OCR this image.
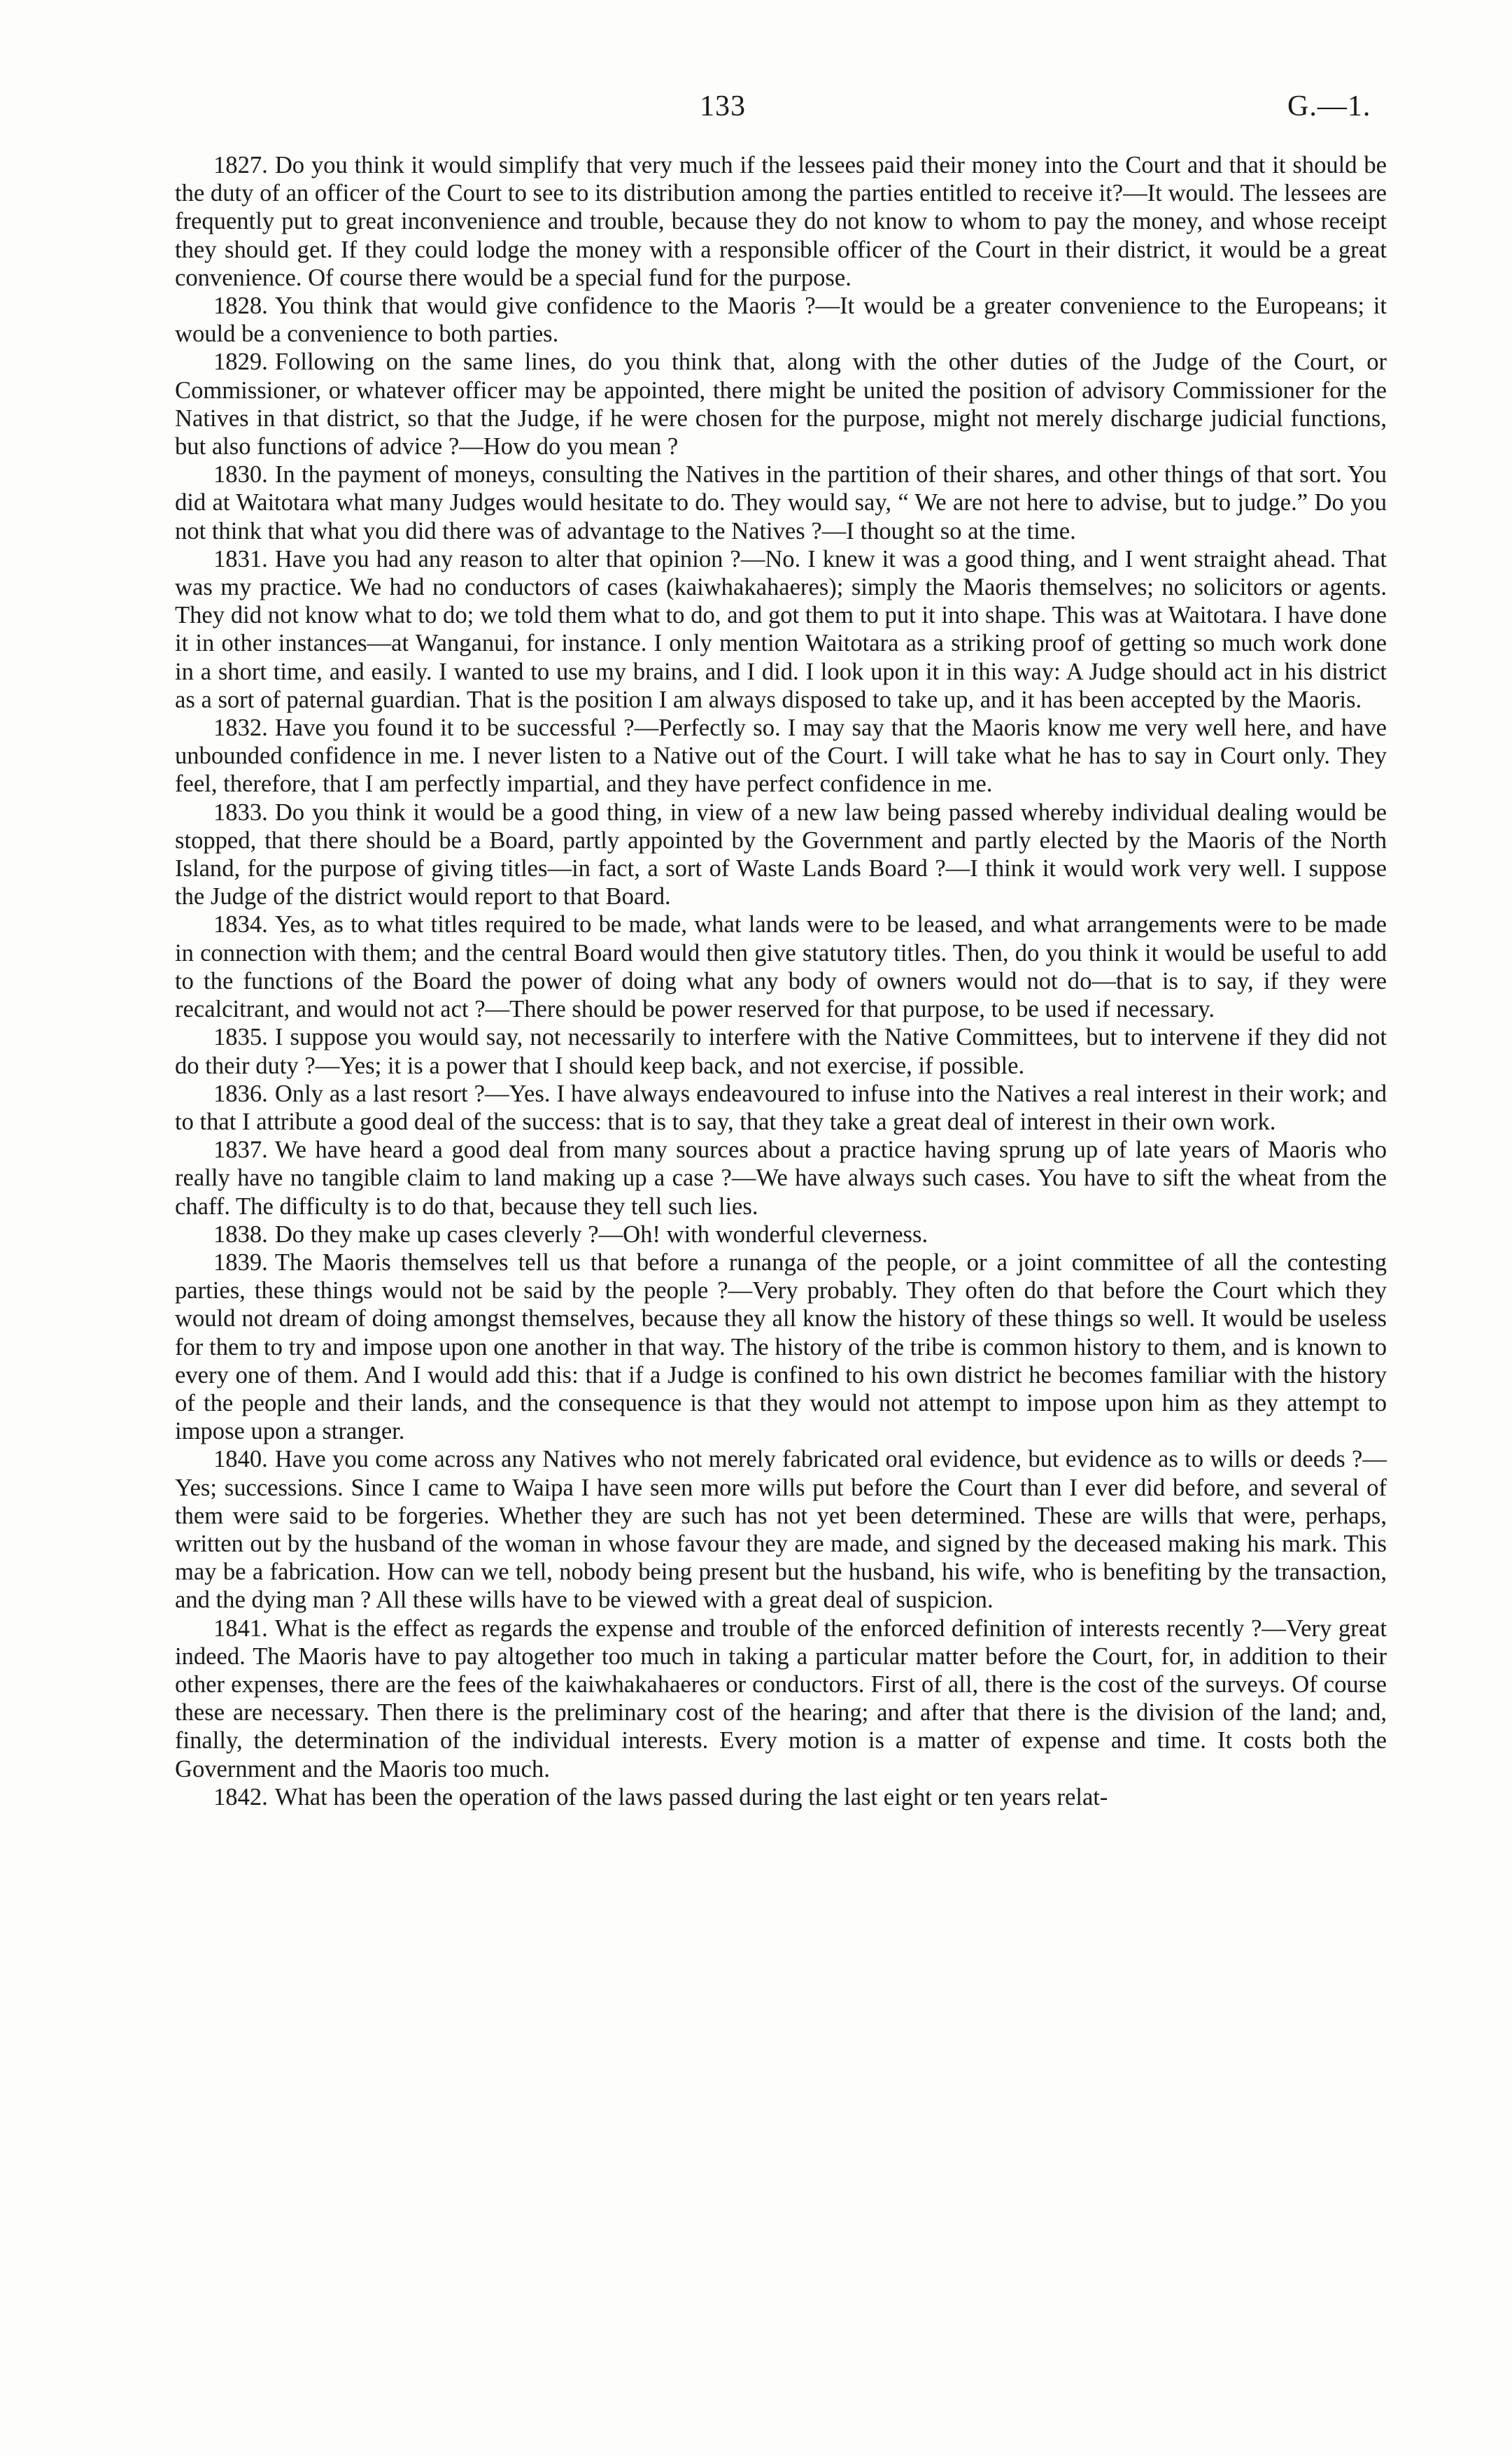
133	G.—1.

1827. Do you think it would simplify that very much if the lessees paid their money into the Court and that it should be the duty of an officer of the Court to see to its distribution among the parties entitled to receive it?—It would. The lessees are frequently put to great inconvenience and trouble, because they do not know to whom to pay the money, and whose receipt they should get. If they could lodge the money with a responsible officer of the Court in their district, it would be a great convenience. Of course there would be a special fund for the purpose.

1828. You think that would give confidence to the Maoris ?—It would be a greater convenience to the Europeans; it would be a convenience to both parties.

1829. Following on the same lines, do you think that, along with the other duties of the Judge of the Court, or Commissioner, or whatever officer may be appointed, there might be united the position of advisory Commissioner for the Natives in that district, so that the Judge, if he were chosen for the purpose, might not merely discharge judicial functions, but also functions of advice ?—How do you mean ?

1830. In the payment of moneys, consulting the Natives in the partition of their shares, and other things of that sort. You did at Waitotara what many Judges would hesitate to do. They would say, “ We are not here to advise, but to judge.” Do you not think that what you did there was of advantage to the Natives ?—I thought so at the time.

1831. Have you had any reason to alter that opinion ?—No. I knew it was a good thing, and I went straight ahead. That was my practice. We had no conductors of cases (kaiwhakahaeres); simply the Maoris themselves; no solicitors or agents. They did not know what to do; we told them what to do, and got them to put it into shape. This was at Waitotara. I have done it in other instances—at Wanganui, for instance. I only mention Waitotara as a striking proof of getting so much work done in a short time, and easily. I wanted to use my brains, and I did. I look upon it in this way: A Judge should act in his district as a sort of paternal guardian. That is the position I am always disposed to take up, and it has been accepted by the Maoris.

1832. Have you found it to be successful ?—Perfectly so. I may say that the Maoris know me very well here, and have unbounded confidence in me. I never listen to a Native out of the Court. I will take what he has to say in Court only. They feel, therefore, that I am perfectly impartial, and they have perfect confidence in me.

1833. Do you think it would be a good thing, in view of a new law being passed whereby individual dealing would be stopped, that there should be a Board, partly appointed by the Government and partly elected by the Maoris of the North Island, for the purpose of giving titles—in fact, a sort of Waste Lands Board ?—I think it would work very well. I suppose the Judge of the district would report to that Board.

1834. Yes, as to what titles required to be made, what lands were to be leased, and what arrangements were to be made in connection with them; and the central Board would then give statutory titles. Then, do you think it would be useful to add to the functions of the Board the power of doing what any body of owners would not do—that is to say, if they were recalcitrant, and would not act ?—There should be power reserved for that purpose, to be used if necessary.

1835. I suppose you would say, not necessarily to interfere with the Native Committees, but to intervene if they did not do their duty ?—Yes; it is a power that I should keep back, and not exercise, if possible.

1836. Only as a last resort ?—Yes. I have always endeavoured to infuse into the Natives a real interest in their work; and to that I attribute a good deal of the success: that is to say, that they take a great deal of interest in their own work.

1837. We have heard a good deal from many sources about a practice having sprung up of late years of Maoris who really have no tangible claim to land making up a case ?—We have always such cases. You have to sift the wheat from the chaff. The difficulty is to do that, because they tell such lies.

1838. Do they make up cases cleverly ?—Oh! with wonderful cleverness.

1839. The Maoris themselves tell us that before a runanga of the people, or a joint committee of all the contesting parties, these things would not be said by the people ?—Very probably. They often do that before the Court which they would not dream of doing amongst themselves, because they all know the history of these things so well. It would be useless for them to try and impose upon one another in that way. The history of the tribe is common history to them, and is known to every one of them. And I would add this: that if a Judge is confined to his own district he becomes familiar with the history of the people and their lands, and the consequence is that they would not attempt to impose upon him as they attempt to impose upon a stranger.

1840. Have you come across any Natives who not merely fabricated oral evidence, but evidence as to wills or deeds ?—Yes; successions. Since I came to Waipa I have seen more wills put before the Court than I ever did before, and several of them were said to be forgeries. Whether they are such has not yet been determined. These are wills that were, perhaps, written out by the husband of the woman in whose favour they are made, and signed by the deceased making his mark. This may be a fabrication. How can we tell, nobody being present but the husband, his wife, who is benefiting by the transaction, and the dying man ? All these wills have to be viewed with a great deal of suspicion.

1841. What is the effect as regards the expense and trouble of the enforced definition of interests recently ?—Very great indeed. The Maoris have to pay altogether too much in taking a particular matter before the Court, for, in addition to their other expenses, there are the fees of the kaiwhakahaeres or conductors. First of all, there is the cost of the surveys. Of course these are necessary. Then there is the preliminary cost of the hearing; and after that there is the division of the land; and, finally, the determination of the individual interests. Every motion is a matter of expense and time. It costs both the Government and the Maoris too much.

1842. What has been the operation of the laws passed during the last eight or ten years relat-
